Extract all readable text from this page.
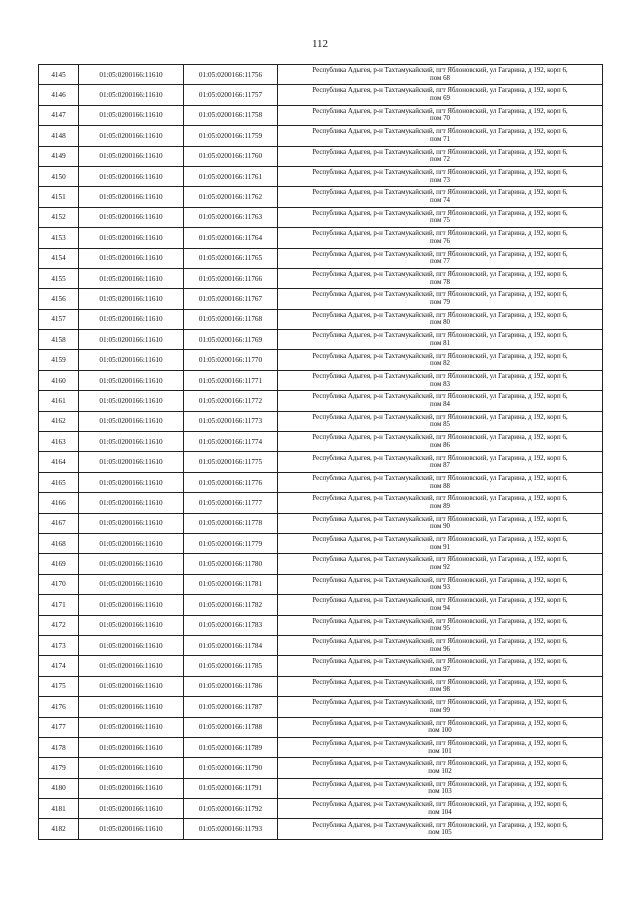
112
4145	01:05:0200166:11610	01:05:0200166:11756	Республика Адыгея, р-н Тахтамукайский, пгт Яблоновский, ул Гагарина, д 192, корп 6,
пом 68

4146	01:05:0200166:11610	01:05:0200166:11757	Республика Адыгея, р-н Тахтамукайский, пгт Яблоновский, ул Гагарина, д 192, корп 6,
пом 69

4147	01:05:0200166:11610	01:05:0200166:11758	Республика Адыгея, р-н Тахтамукайский, пгт Яблоновский, ул Гагарина, д 192, корп 6,
пом 70

4148	01:05:0200166:11610	01:05:0200166:11759	Республика Адыгея, р-н Тахтамукайский, пгт Яблоновский, ул Гагарина, д 192, корп 6,
пом 71

4149	01:05:0200166:11610	01:05:0200166:11760	Республика Адыгея, р-н Тахтамукайский, пгт Яблоновский, ул Гагарина, д 192, корп 6,
пом 72

4150	01:05:0200166:11610	01:05:0200166:11761	Республика Адыгея, р-н Тахтамукайский, пгт Яблоновский, ул Гагарина, д 192, корп 6,
пом 73

4151	01:05:0200166:11610	01:05:0200166:11762	Республика Адыгея, р-н Тахтамукайский, пгт Яблоновский, ул Гагарина, д 192, корп 6,
пом 74

4152	01:05:0200166:11610	01:05:0200166:11763	Республика Адыгея, р-н Тахтамукайский, пгт Яблоновский, ул Гагарина, д 192, корп 6,
пом 75

4153	01:05:0200166:11610	01:05:0200166:11764	Республика Адыгея, р-н Тахтамукайский, пгт Яблоновский, ул Гагарина, д 192, корп 6,
пом 76

4154	01:05:0200166:11610	01:05:0200166:11765	Республика Адыгея, р-н Тахтамукайский, пгт Яблоновский, ул Гагарина, д 192, корп 6,
пом 77

4155	01:05:0200166:11610	01:05:0200166:11766	Республика Адыгея, р-н Тахтамукайский, пгт Яблоновский, ул Гагарина, д 192, корп 6,
пом 78

4156	01:05:0200166:11610	01:05:0200166:11767	Республика Адыгея, р-н Тахтамукайский, пгт Яблоновский, ул Гагарина, д 192, корп 6,
пом 79

4157	01:05:0200166:11610	01:05:0200166:11768	Республика Адыгея, р-н Тахтамукайский, пгт Яблоновский, ул Гагарина, д 192, корп 6,
пом 80

4158	01:05:0200166:11610	01:05:0200166:11769	Республика Адыгея, р-н Тахтамукайский, пгт Яблоновский, ул Гагарина, д 192, корп 6,
пом 81

4159	01:05:0200166:11610	01:05:0200166:11770	Республика Адыгея, р-н Тахтамукайский, пгт Яблоновский, ул Гагарина, д 192, корп 6,
пом 82

4160	01:05:0200166:11610	01:05:0200166:11771	Республика Адыгея, р-н Тахтамукайский, пгт Яблоновский, ул Гагарина, д 192, корп 6,
пом 83

4161	01:05:0200166:11610	01:05:0200166:11772	Республика Адыгея, р-н Тахтамукайский, пгт Яблоновский, ул Гагарина, д 192, корп 6,
пом 84

4162	01:05:0200166:11610	01:05:0200166:11773	Республика Адыгея, р-н Тахтамукайский, пгт Яблоновский, ул Гагарина, д 192, корп 6,
пом 85

4163	01:05:0200166:11610	01:05:0200166:11774	Республика Адыгея, р-н Тахтамукайский, пгт Яблоновский, ул Гагарина, д 192, корп 6,
пом 86

4164	01:05:0200166:11610	01:05:0200166:11775	Республика Адыгея, р-н Тахтамукайский, пгт Яблоновский, ул Гагарина, д 192, корп 6,
пом 87

4165	01:05:0200166:11610	01:05:0200166:11776	Республика Адыгея, р-н Тахтамукайский, пгт Яблоновский, ул Гагарина, д 192, корп 6,
пом 88

4166	01:05:0200166:11610	01:05:0200166:11777	Республика Адыгея, р-н Тахтамукайский, пгт Яблоновский, ул Гагарина, д 192, корп 6,
пом 89

4167	01:05:0200166:11610	01:05:0200166:11778	Республика Адыгея, р-н Тахтамукайский, пгт Яблоновский, ул Гагарина, д 192, корп 6,
пом 90

4168	01:05:0200166:11610	01:05:0200166:11779	Республика Адыгея, р-н Тахтамукайский, пгт Яблоновский, ул Гагарина, д 192, корп 6,
пом 91

4169	01:05:0200166:11610	01:05:0200166:11780	Республика Адыгея, р-н Тахтамукайский, пгт Яблоновский, ул Гагарина, д 192, корп 6,
пом 92

4170	01:05:0200166:11610	01:05:0200166:11781	Республика Адыгея, р-н Тахтамукайский, пгт Яблоновский, ул Гагарина, д 192, корп 6,
пом 93

4171	01:05:0200166:11610	01:05:0200166:11782	Республика Адыгея, р-н Тахтамукайский, пгт Яблоновский, ул Гагарина, д 192, корп 6,
пом 94

4172	01:05:0200166:11610	01:05:0200166:11783	Республика Адыгея, р-н Тахтамукайский, пгт Яблоновский, ул Гагарина, д 192, корп 6,
пом 95

4173	01:05:0200166:11610	01:05:0200166:11784	Республика Адыгея, р-н Тахтамукайский, пгт Яблоновский, ул Гагарина, д 192, корп 6,
пом 96

4174	01:05:0200166:11610	01:05:0200166:11785	Республика Адыгея, р-н Тахтамукайский, пгт Яблоновский, ул Гагарина, д 192, корп 6,
пом 97

4175	01:05:0200166:11610	01:05:0200166:11786	Республика Адыгея, р-н Тахтамукайский, пгт Яблоновский, ул Гагарина, д 192, корп 6,
пом 98

4176	01:05:0200166:11610	01:05:0200166:11787	Республика Адыгея, р-н Тахтамукайский, пгт Яблоновский, ул Гагарина, д 192, корп 6,
пом 99

4177	01:05:0200166:11610	01:05:0200166:11788	Республика Адыгея, р-н Тахтамукайский, пгт Яблоновский, ул Гагарина, д 192, корп 6,
пом 100

4178	01:05:0200166:11610	01:05:0200166:11789	Республика Адыгея, р-н Тахтамукайский, пгт Яблоновский, ул Гагарина, д 192, корп 6,
пом 101

4179	01:05:0200166:11610	01:05:0200166:11790	Республика Адыгея, р-н Тахтамукайский, пгт Яблоновский, ул Гагарина, д 192, корп 6,
пом 102

4180	01:05:0200166:11610	01:05:0200166:11791	Республика Адыгея, р-н Тахтамукайский, пгт Яблоновский, ул Гагарина, д 192, корп 6,
пом 103

4181	01:05:0200166:11610	01:05:0200166:11792	Республика Адыгея, р-н Тахтамукайский, пгт Яблоновский, ул Гагарина, д 192, корп 6,
пом 104

4182	01:05:0200166:11610	01:05:0200166:11793	Республика Адыгея, р-н Тахтамукайский, пгт Яблоновский, ул Гагарина, д 192, корп 6,
пом 105
